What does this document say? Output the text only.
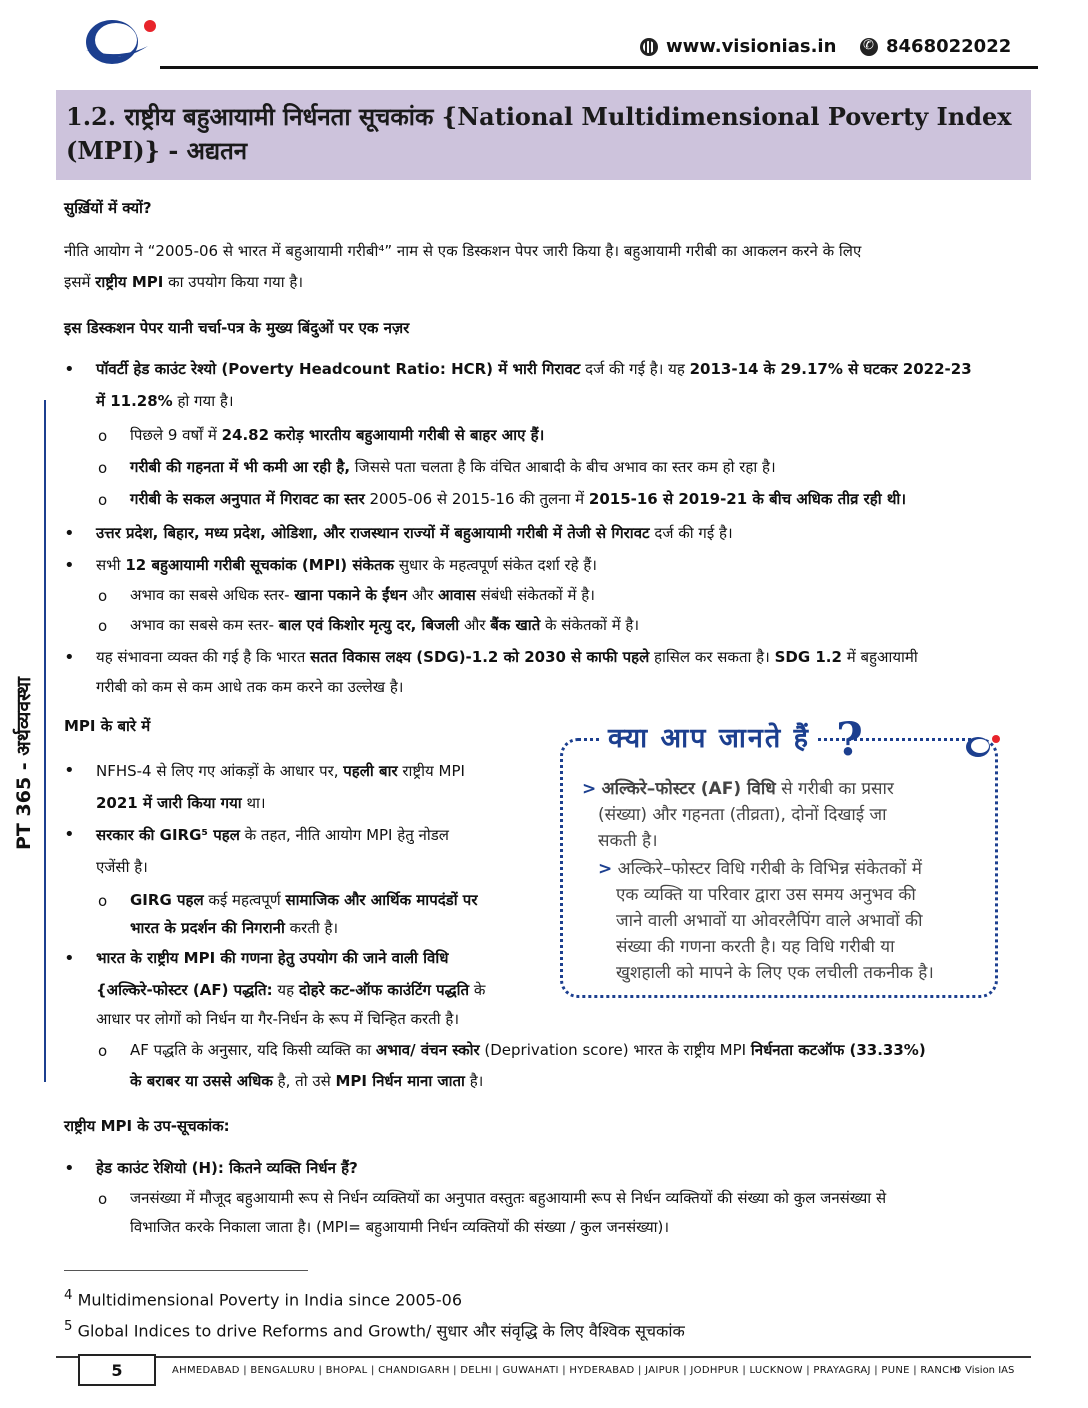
www.visionias.in
✆	8468022022
1.2. राष्ट्रीय बहुआयामी निर्धनता सूचकांक {National Multidimensional Poverty Index (MPI)} - अद्यतन
PT 365 - अर्थव्यवस्था
सुर्ख़ियों में क्यों?
नीति आयोग ने “2005-06 से भारत में बहुआयामी गरीबी⁴” नाम से एक डिस्कशन पेपर जारी किया है। बहुआयामी गरीबी का आकलन करने के लिए
इसमें राष्ट्रीय MPI का उपयोग किया गया है।
इस डिस्कशन पेपर यानी चर्चा-पत्र के मुख्य बिंदुओं पर एक नज़र
• पॉवर्टी हेड काउंट रेश्यो (Poverty Headcount Ratio: HCR) में भारी गिरावट दर्ज की गई है। यह 2013-14 के 29.17% से घटकर 2022-23
में 11.28% हो गया है।
o पिछले 9 वर्षों में 24.82 करोड़ भारतीय बहुआयामी गरीबी से बाहर आए हैं।
o गरीबी की गहनता में भी कमी आ रही है, जिससे पता चलता है कि वंचित आबादी के बीच अभाव का स्तर कम हो रहा है।
o गरीबी के सकल अनुपात में गिरावट का स्तर 2005-06 से 2015-16 की तुलना में 2015-16 से 2019-21 के बीच अधिक तीव्र रही थी।
• उत्तर प्रदेश, बिहार, मध्य प्रदेश, ओडिशा, और राजस्थान राज्यों में बहुआयामी गरीबी में तेजी से गिरावट दर्ज की गई है।
• सभी 12 बहुआयामी गरीबी सूचकांक (MPI) संकेतक सुधार के महत्वपूर्ण संकेत दर्शा रहे हैं।
o अभाव का सबसे अधिक स्तर- खाना पकाने के ईंधन और आवास संबंधी संकेतकों में है।
o अभाव का सबसे कम स्तर- बाल एवं किशोर मृत्यु दर, बिजली और बैंक खाते के संकेतकों में है।
• यह संभावना व्यक्त की गई है कि भारत सतत विकास लक्ष्य (SDG)-1.2 को 2030 से काफी पहले हासिल कर सकता है। SDG 1.2 में बहुआयामी
गरीबी को कम से कम आधे तक कम करने का उल्लेख है।
MPI के बारे में
• NFHS-4 से लिए गए आंकड़ों के आधार पर, पहली बार राष्ट्रीय MPI
2021 में जारी किया गया था।
• सरकार की GIRG⁵ पहल के तहत, नीति आयोग MPI हेतु नोडल
एजेंसी है।
o GIRG पहल कई महत्वपूर्ण सामाजिक और आर्थिक मापदंडों पर
भारत के प्रदर्शन की निगरानी करती है।
• भारत के राष्ट्रीय MPI की गणना हेतु उपयोग की जाने वाली विधि
{अल्किरे-फोस्टर (AF) पद्धति: यह दोहरे कट-ऑफ काउंटिंग पद्धति के
आधार पर लोगों को निर्धन या गैर-निर्धन के रूप में चिन्हित करती है।
o AF पद्धति के अनुसार, यदि किसी व्यक्ति का अभाव/ वंचन स्कोर (Deprivation score) भारत के राष्ट्रीय MPI निर्धनता कटऑफ (33.33%)
के बराबर या उससे अधिक है, तो उसे MPI निर्धन माना जाता है।
क्या आप जानते हैं ?
> अल्किरे–फोस्टर (AF) विधि से गरीबी का प्रसार
(संख्या) और गहनता (तीव्रता), दोनों दिखाई जा
सकती है।
> अल्किरे–फोस्टर विधि गरीबी के विभिन्न संकेतकों में
एक व्यक्ति या परिवार द्वारा उस समय अनुभव की
जाने वाली अभावों या ओवरलैपिंग वाले अभावों की
संख्या की गणना करती है। यह विधि गरीबी या
खुशहाली को मापने के लिए एक लचीली तकनीक है।
राष्ट्रीय MPI के उप-सूचकांक:
• हेड काउंट रेशियो (H): कितने व्यक्ति निर्धन हैं?
o जनसंख्या में मौजूद बहुआयामी रूप से निर्धन व्यक्तियों का अनुपात वस्तुतः बहुआयामी रूप से निर्धन व्यक्तियों की संख्या को कुल जनसंख्या से
विभाजित करके निकाला जाता है। (MPI= बहुआयामी निर्धन व्यक्तियों की संख्या / कुल जनसंख्या)।
$^4$ Multidimensional Poverty in India since 2005-06
$^5$ Global Indices to drive Reforms and Growth/ सुधार और संवृद्धि के लिए वैश्विक सूचकांक
5	AHMEDABAD | BENGALURU | BHOPAL | CHANDIGARH | DELHI | GUWAHATI | HYDERABAD | JAIPUR | JODHPUR | LUCKNOW | PRAYAGRAJ | PUNE | RANCHI
© Vision IAS
